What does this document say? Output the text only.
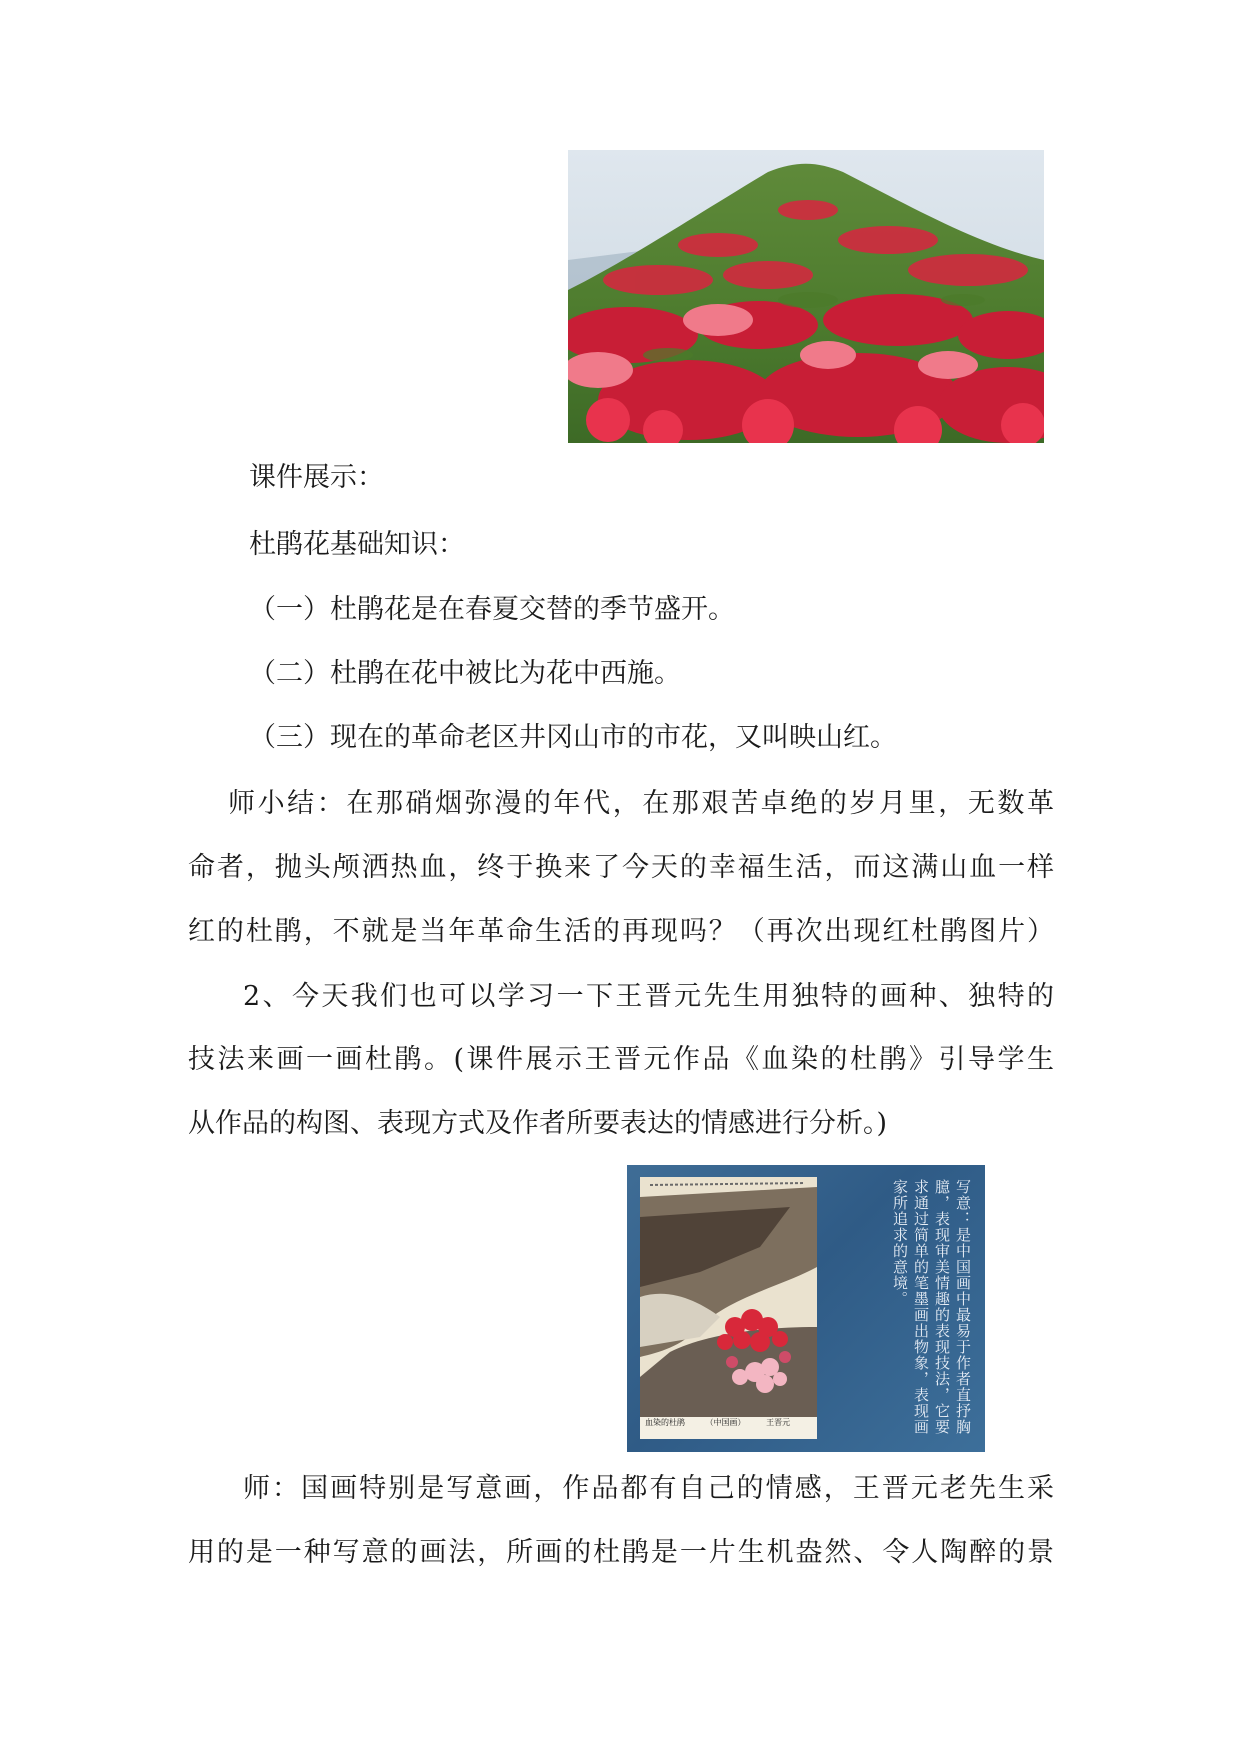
课件展示：
杜鹃花基础知识：
（一）杜鹃花是在春夏交替的季节盛开。
（二）杜鹃在花中被比为花中西施。
（三）现在的革命老区井冈山市的市花，又叫映山红。
师小结：在那硝烟弥漫的年代，在那艰苦卓绝的岁月里，无数革
命者，抛头颅洒热血，终于换来了今天的幸福生活，而这满山血一样
红的杜鹃，不就是当年革命生活的再现吗？（再次出现红杜鹃图片）
2、今天我们也可以学习一下王晋元先生用独特的画种、独特的
技法来画一画杜鹃。(课件展示王晋元作品《血染的杜鹃》引导学生
从作品的构图、表现方式及作者所要表达的情感进行分析。)
血染的杜鹃	（中国画）	王晋元	写意：是中国画中最易于作者直抒胸臆，表现审美情趣的表现技法，它要求通过简单的笔墨画出物象，表现画家所追求的意境。
师：国画特别是写意画，作品都有自己的情感，王晋元老先生采
用的是一种写意的画法，所画的杜鹃是一片生机盎然、令人陶醉的景
